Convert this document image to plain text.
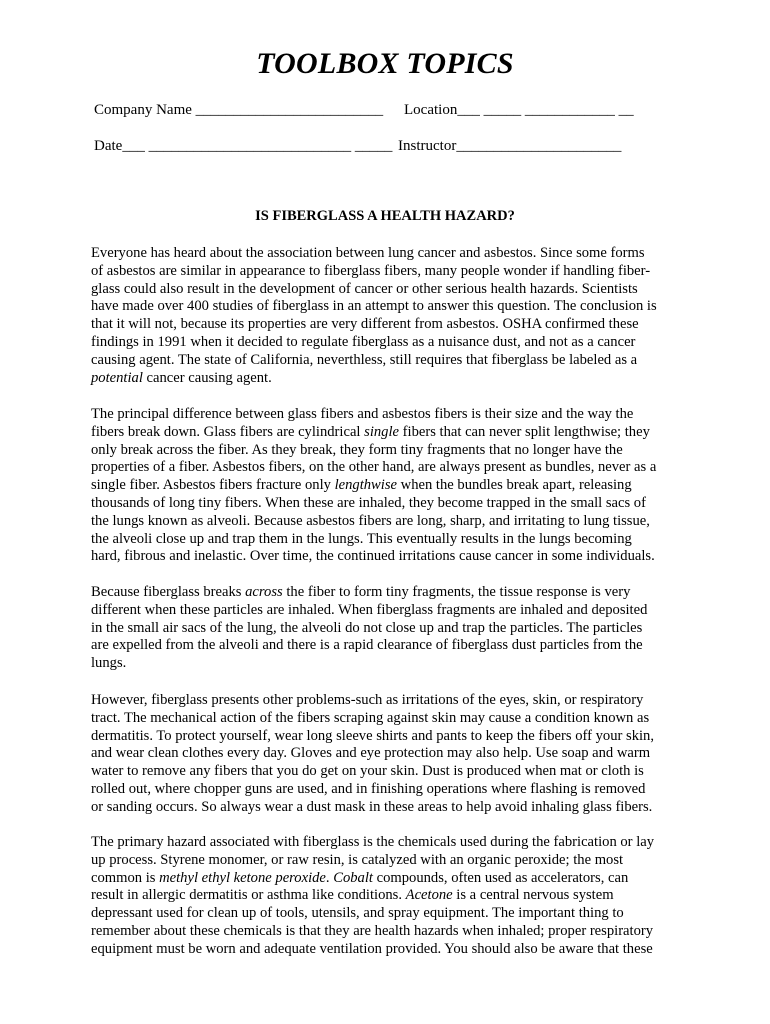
TOOLBOX TOPICS
Company Name _________________________ Location___ _____ ____________ __
Date___ ___________________________ _____ Instructor______________________
IS FIBERGLASS A HEALTH HAZARD?
Everyone has heard about the association between lung cancer and asbestos. Since some forms
of asbestos are similar in appearance to fiberglass fibers, many people wonder if handling fiber-
glass could also result in the development of cancer or other serious health hazards. Scientists
have made over 400 studies of fiberglass in an attempt to answer this question. The conclusion is
that it will not, because its properties are very different from asbestos. OSHA confirmed these
findings in 1991 when it decided to regulate fiberglass as a nuisance dust, and not as a cancer
causing agent. The state of California, neverthless, still requires that fiberglass be labeled as a
potential cancer causing agent.
The principal difference between glass fibers and asbestos fibers is their size and the way the
fibers break down. Glass fibers are cylindrical single fibers that can never split lengthwise; they
only break across the fiber. As they break, they form tiny fragments that no longer have the
properties of a fiber. Asbestos fibers, on the other hand, are always present as bundles, never as a
single fiber. Asbestos fibers fracture only lengthwise when the bundles break apart, releasing
thousands of long tiny fibers. When these are inhaled, they become trapped in the small sacs of
the lungs known as alveoli. Because asbestos fibers are long, sharp, and irritating to lung tissue,
the alveoli close up and trap them in the lungs. This eventually results in the lungs becoming
hard, fibrous and inelastic. Over time, the continued irritations cause cancer in some individuals.
Because fiberglass breaks across the fiber to form tiny fragments, the tissue response is very
different when these particles are inhaled. When fiberglass fragments are inhaled and deposited
in the small air sacs of the lung, the alveoli do not close up and trap the particles. The particles
are expelled from the alveoli and there is a rapid clearance of fiberglass dust particles from the
lungs.
However, fiberglass presents other problems-such as irritations of the eyes, skin, or respiratory
tract. The mechanical action of the fibers scraping against skin may cause a condition known as
dermatitis. To protect yourself, wear long sleeve shirts and pants to keep the fibers off your skin,
and wear clean clothes every day. Gloves and eye protection may also help. Use soap and warm
water to remove any fibers that you do get on your skin. Dust is produced when mat or cloth is
rolled out, where chopper guns are used, and in finishing operations where flashing is removed
or sanding occurs. So always wear a dust mask in these areas to help avoid inhaling glass fibers.
The primary hazard associated with fiberglass is the chemicals used during the fabrication or lay
up process. Styrene monomer, or raw resin, is catalyzed with an organic peroxide; the most
common is methyl ethyl ketone peroxide. Cobalt compounds, often used as accelerators, can
result in allergic dermatitis or asthma like conditions. Acetone is a central nervous system
depressant used for clean up of tools, utensils, and spray equipment. The important thing to
remember about these chemicals is that they are health hazards when inhaled; proper respiratory
equipment must be worn and adequate ventilation provided. You should also be aware that these
